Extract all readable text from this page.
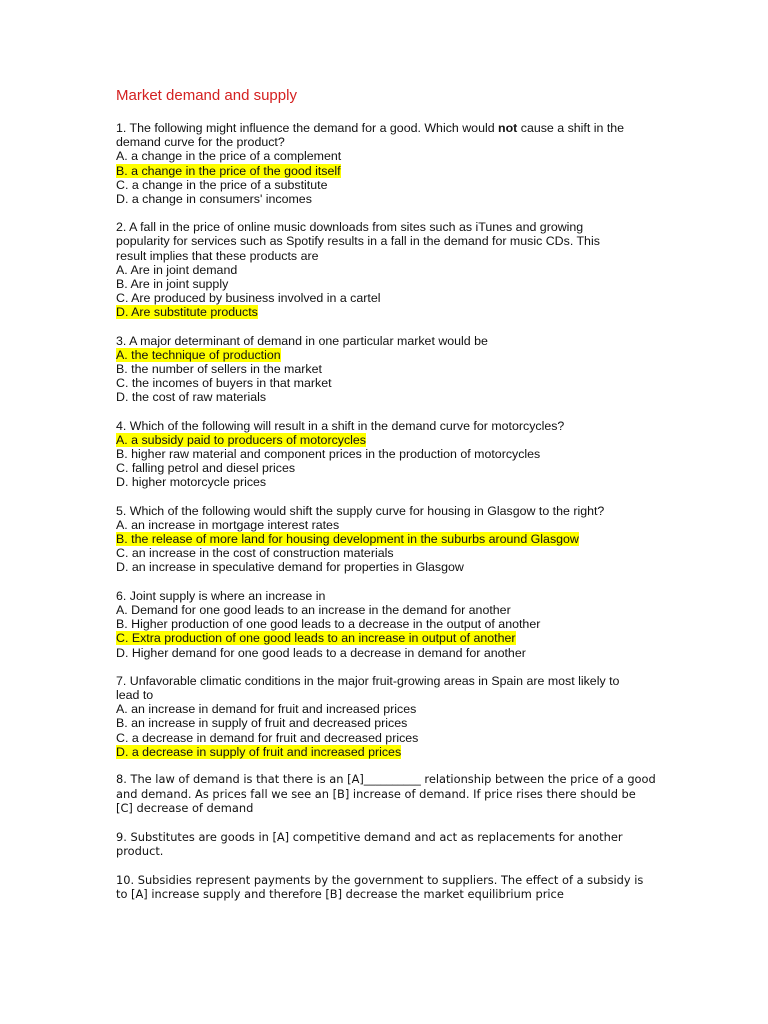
Market demand and supply
1. The following might influence the demand for a good. Which would not cause a shift in the
demand curve for the product?
A. a change in the price of a complement
B. a change in the price of the good itself
C. a change in the price of a substitute
D. a change in consumers' incomes
2. A fall in the price of online music downloads from sites such as iTunes and growing
popularity for services such as Spotify results in a fall in the demand for music CDs. This
result implies that these products are
A. Are in joint demand
B. Are in joint supply
C. Are produced by business involved in a cartel
D. Are substitute products
3. A major determinant of demand in one particular market would be
A. the technique of production
B. the number of sellers in the market
C. the incomes of buyers in that market
D. the cost of raw materials
4. Which of the following will result in a shift in the demand curve for motorcycles?
A. a subsidy paid to producers of motorcycles
B. higher raw material and component prices in the production of motorcycles
C. falling petrol and diesel prices
D. higher motorcycle prices
5. Which of the following would shift the supply curve for housing in Glasgow to the right?
A. an increase in mortgage interest rates
B. the release of more land for housing development in the suburbs around Glasgow
C. an increase in the cost of construction materials
D. an increase in speculative demand for properties in Glasgow
6. Joint supply is where an increase in
A. Demand for one good leads to an increase in the demand for another
B. Higher production of one good leads to a decrease in the output of another
C. Extra production of one good leads to an increase in output of another
D. Higher demand for one good leads to a decrease in demand for another
7. Unfavorable climatic conditions in the major fruit-growing areas in Spain are most likely to
lead to
A. an increase in demand for fruit and increased prices
B. an increase in supply of fruit and decreased prices
C. a decrease in demand for fruit and decreased prices
D. a decrease in supply of fruit and increased prices
8. The law of demand is that there is an [A]__________ relationship between the price of a good and demand. As prices fall we see an [B] increase of demand. If price rises there should be [C] decrease of demand
9. Substitutes are goods in [A] competitive demand and act as replacements for another product.
10. Subsidies represent payments by the government to suppliers. The effect of a subsidy is to [A] increase supply and therefore [B] decrease the market equilibrium price
